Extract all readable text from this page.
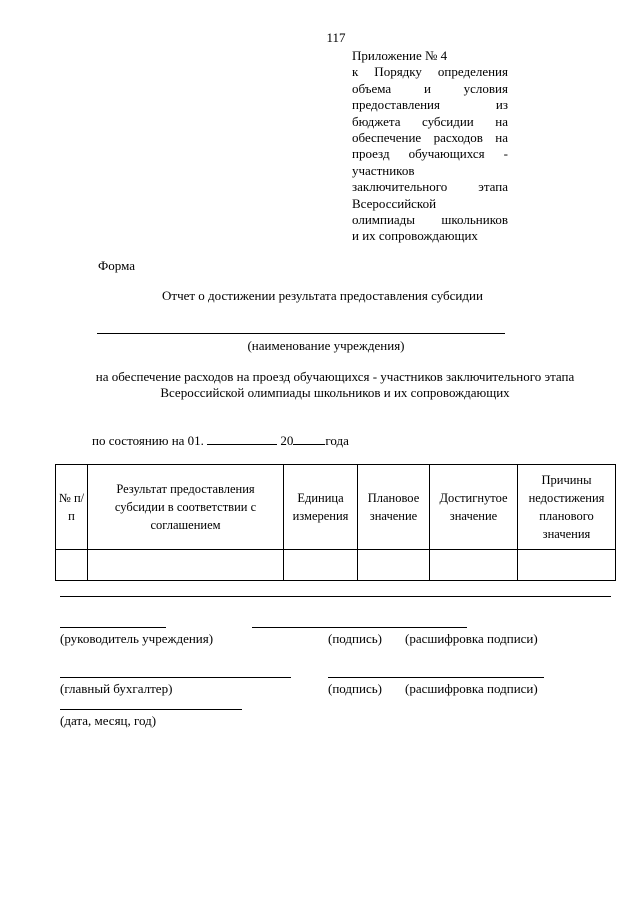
117
Приложение № 4
к Порядку определения
объема и условия
предоставления из
бюджета субсидии на
обеспечение расходов на
проезд обучающихся -
участников
заключительного этапа
Всероссийской
олимпиады школьников
и их сопровождающих
Форма
Отчет о достижении результата предоставления субсидии
(наименование учреждения)
на обеспечение расходов на проезд обучающихся - участников заключительного этапа
Всероссийской олимпиады школьников и их сопровождающих
по состоянию на 01.	20 года
№ п/п	Результат предоставления субсидии в соответствии с соглашением	Единица измерения	Плановое значение	Достигнутое значение	Причины недостижения планового значения

(руководитель учреждения)	(подпись) (расшифровка подписи)
(главный бухгалтер)	(подпись) (расшифровка подписи)
(дата, месяц, год)
